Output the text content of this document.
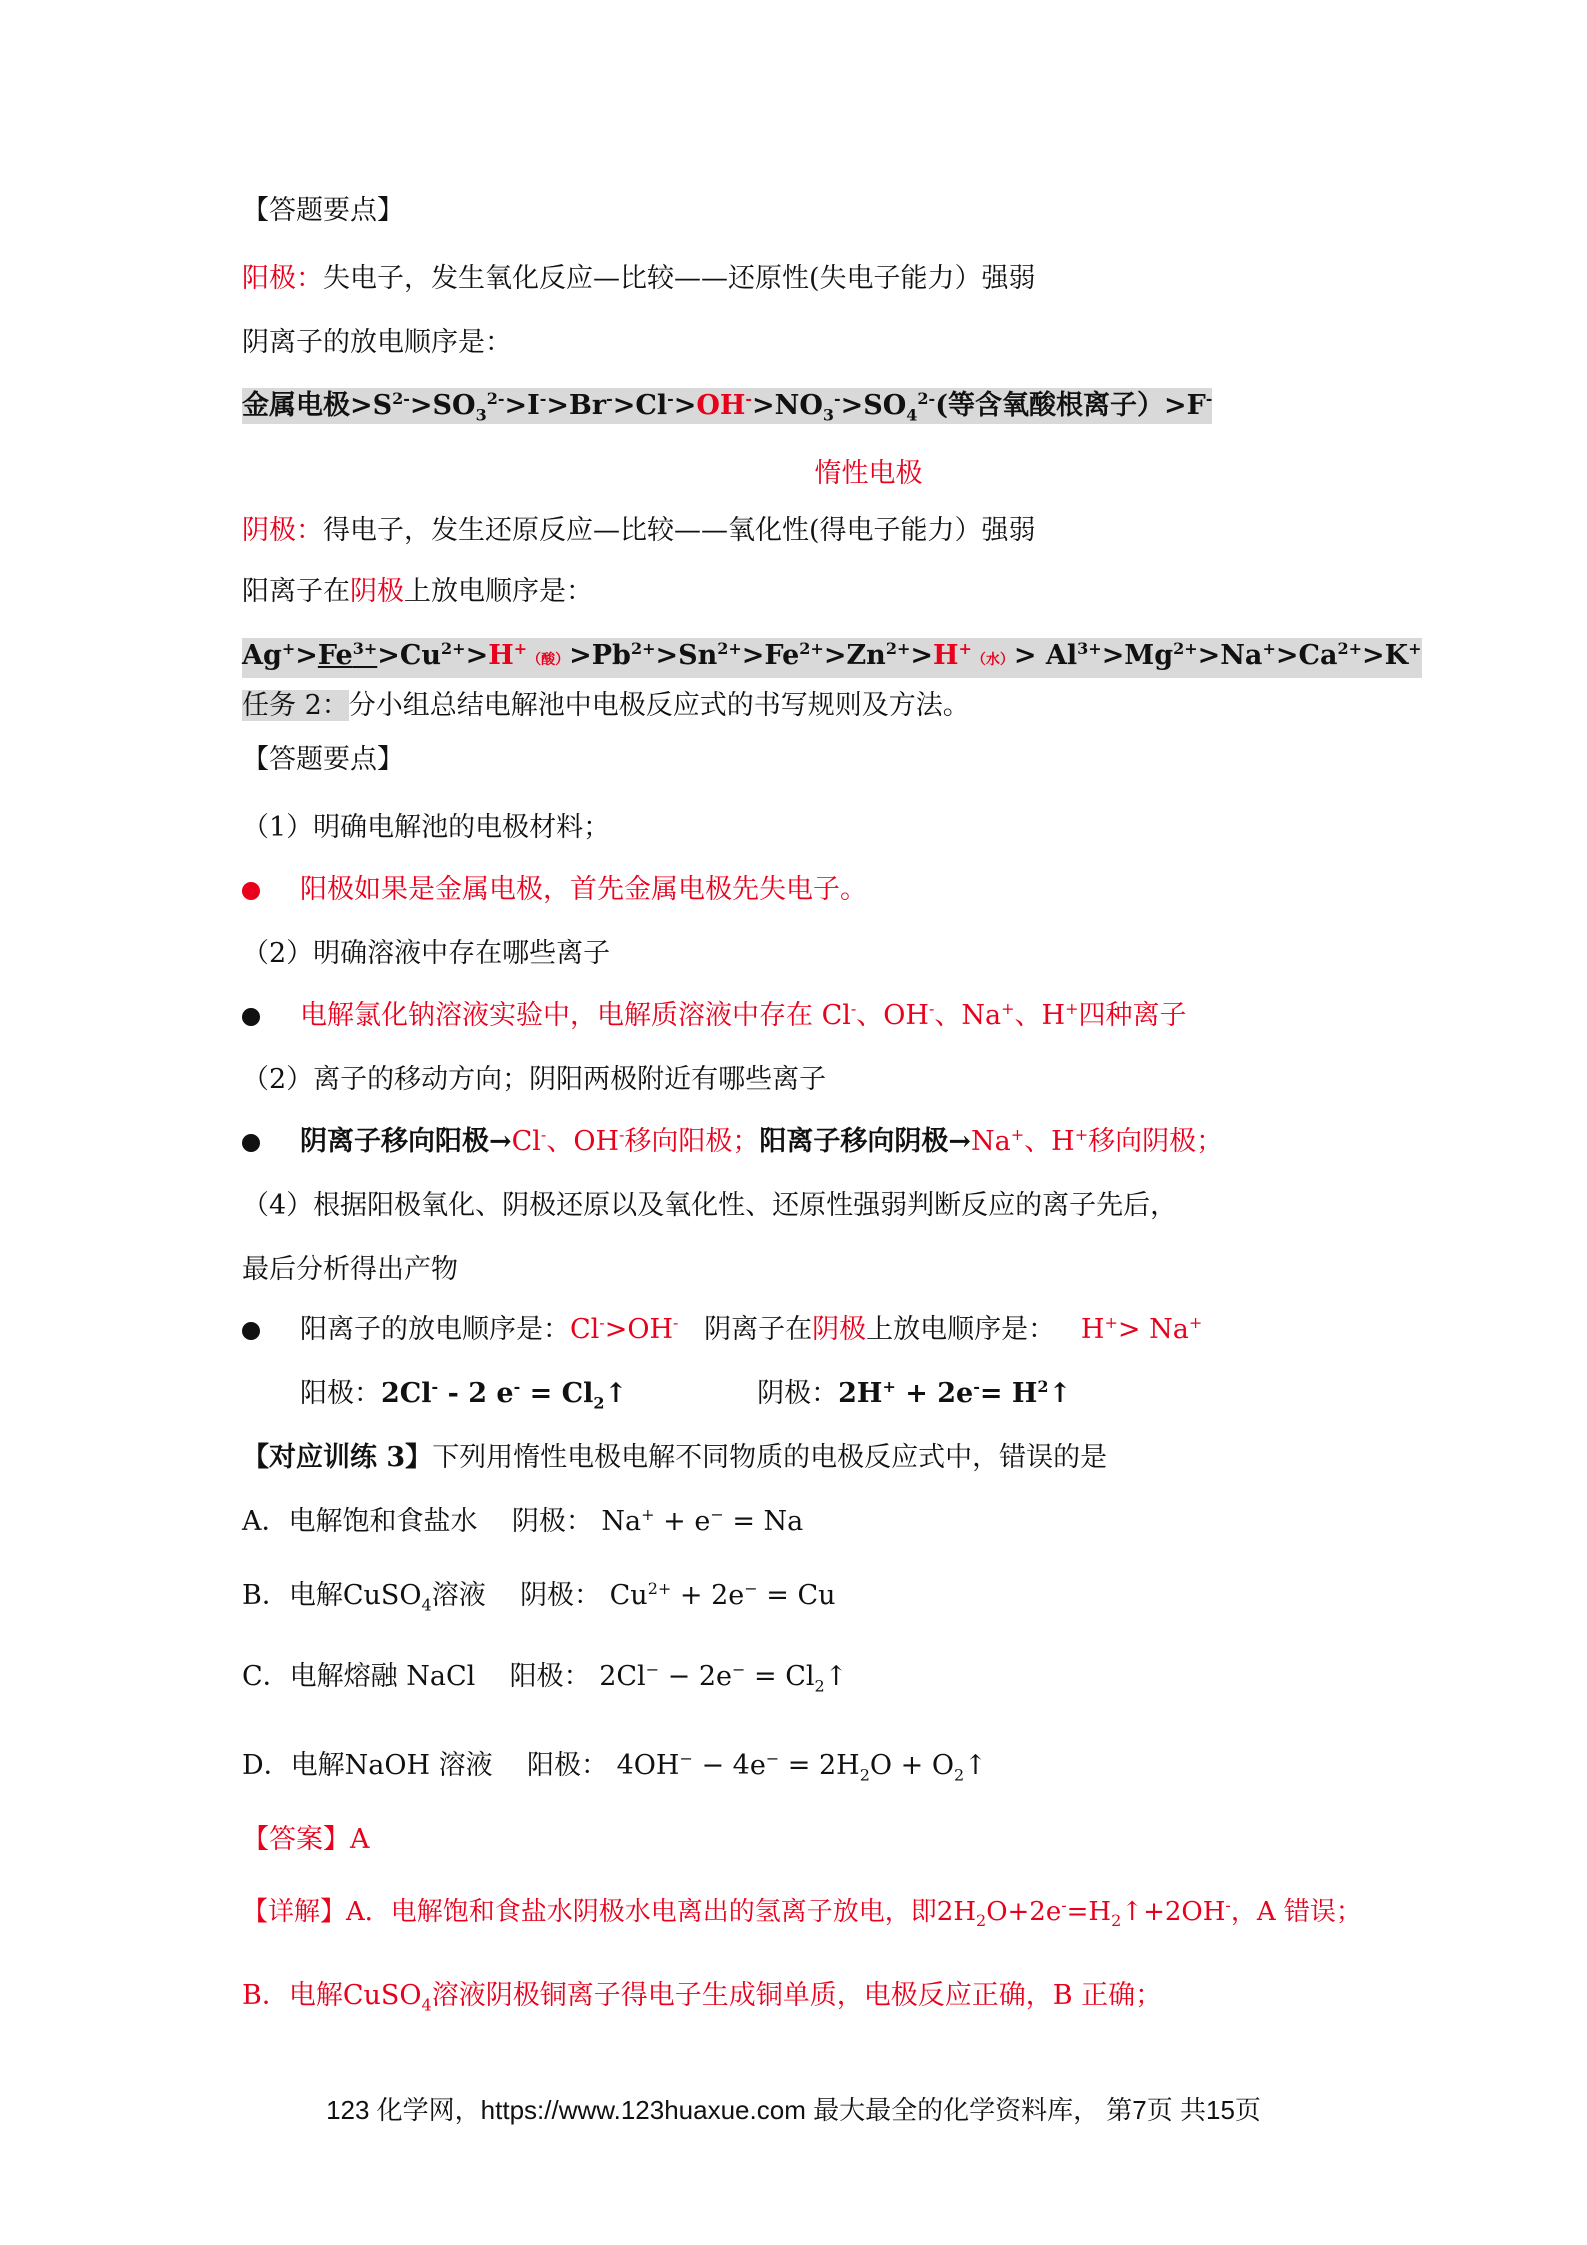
【答题要点】
阳极：失电子，发生氧化反应—比较——还原性(失电子能力）强弱
阴离子的放电顺序是：
金属电极$>S^{2-}>SO_3^{2-}>I^->Br^->Cl^->OH^->NO_3^->SO_4^{2-}$(等含氧酸根离子）>F-
惰性电极
阴极：得电子，发生还原反应—比较——氧化性(得电子能力）强弱
阳离子在阴极上放电顺序是：
$Ag^+>Fe^{3+}>Cu^{2+}>H^+$（酸）$>Pb^{2+}>Sn^{2+}>Fe^{2+}>Zn^{2+}>H^+$（水）> $Al^{3+}>Mg^{2+}>Na^+>Ca^{2+}>K^+$
任务 2：分小组总结电解池中电极反应式的书写规则及方法。
【答题要点】
（1）明确电解池的电极材料；
阳极如果是金属电极，首先金属电极先失电子。
（2）明确溶液中存在哪些离子
电解氯化钠溶液实验中，电解质溶液中存在 Cl-、OH-、Na+、H+四种离子
（2）离子的移动方向；阴阳两极附近有哪些离子
阴离子移向阳极→Cl-、OH-移向阳极；阳离子移向阴极→Na+、H+移向阴极；
（4）根据阳极氧化、阴极还原以及氧化性、还原性强弱判断反应的离子先后，
最后分析得出产物
阳离子的放电顺序是：Cl->OH- 阴离子在阴极上放电顺序是： H+> Na+
阳极：2Cl- - 2 $e^- = Cl_2↑$	阴极：$2H^+ + 2e^-= H^2↑$
【对应训练 3】下列用惰性电极电解不同物质的电极反应式中，错误的是
A．电解饱和食盐水 阴极： Na+ + e− = Na
B．电解CuSO$_4$溶液 阴极： $Cu^{2+} + 2e^- = Cu$
C．电解熔融 NaCl 阳极： $2Cl^- - 2e^- = Cl_2↑$
D．电解NaOH 溶液 阳极： $4OH^- - 4e^- = 2H_2O$ + $O_2↑$
【答案】A
【详解】A．电解饱和食盐水阴极水电离出的氢离子放电，即$2H_2O+2e^-=H_2↑+2OH^-$，A 错误；
B．电解CuSO$_4$溶液阴极铜离子得电子生成铜单质，电极反应正确，B 正确；
123 化学网，https://www.123huaxue.com 最大最全的化学资料库， 第7页 共15页
